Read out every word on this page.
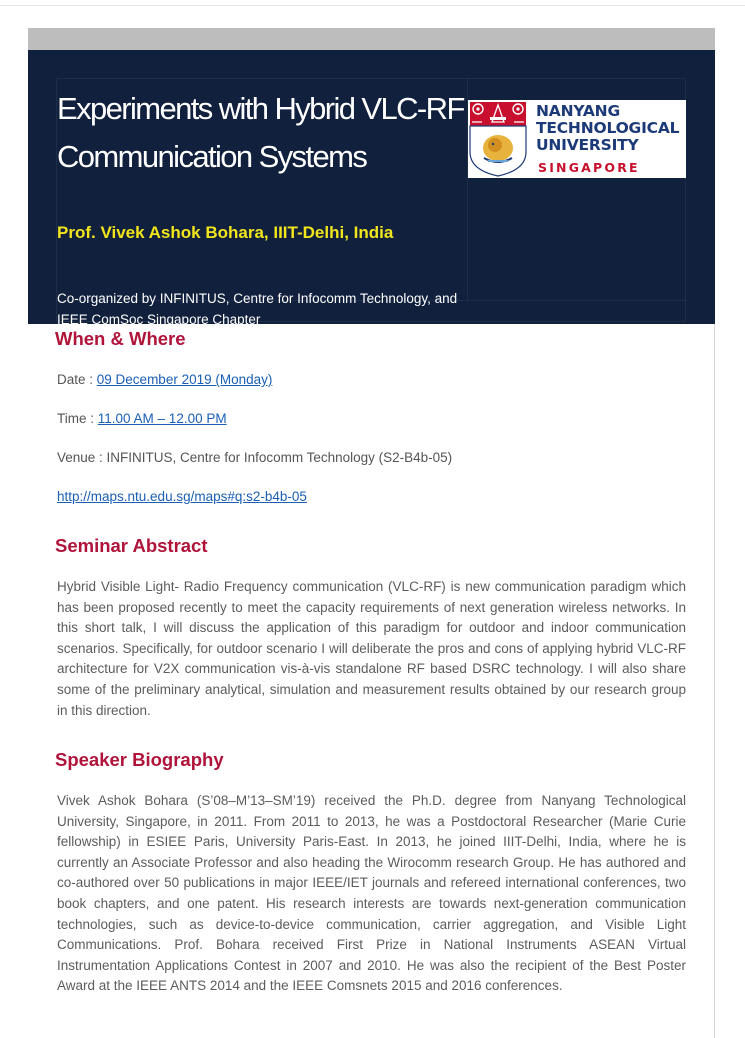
Experiments with Hybrid VLC-RF Communication Systems

Prof. Vivek Ashok Bohara, IIIT-Delhi, India

Co-organized by INFINITUS, Centre for Infocomm Technology, and IEEE ComSoc Singapore Chapter

NANYANG
TECHNOLOGICAL
UNIVERSITY
SINGAPORE
When & Where

Date : 09 December 2019 (Monday)

Time : 11.00 AM – 12.00 PM

Venue : INFINITUS, Centre for Infocomm Technology (S2-B4b-05)

http://maps.ntu.edu.sg/maps#q:s2-b4b-05

Seminar Abstract

Hybrid Visible Light- Radio Frequency communication (VLC-RF) is new communication paradigm which has been proposed recently to meet the capacity requirements of next generation wireless networks. In this short talk, I will discuss the application of this paradigm for outdoor and indoor communication scenarios. Specifically, for outdoor scenario I will deliberate the pros and cons of applying hybrid VLC-RF architecture for V2X communication vis-à-vis standalone RF based DSRC technology. I will also share some of the preliminary analytical, simulation and measurement results obtained by our research group in this direction.

Speaker Biography

Vivek Ashok Bohara (S’08–M’13–SM’19) received the Ph.D. degree from Nanyang Technological University, Singapore, in 2011. From 2011 to 2013, he was a Postdoctoral Researcher (Marie Curie fellowship) in ESIEE Paris, University Paris-East. In 2013, he joined IIIT-Delhi, India, where he is currently an Associate Professor and also heading the Wirocomm research Group. He has authored and co-authored over 50 publications in major IEEE/IET journals and refereed international conferences, two book chapters, and one patent. His research interests are towards next-generation communication technologies, such as device-to-device communication, carrier aggregation, and Visible Light Communications. Prof. Bohara received First Prize in National Instruments ASEAN Virtual Instrumentation Applications Contest in 2007 and 2010. He was also the recipient of the Best Poster Award at the IEEE ANTS 2014 and the IEEE Comsnets 2015 and 2016 conferences.
